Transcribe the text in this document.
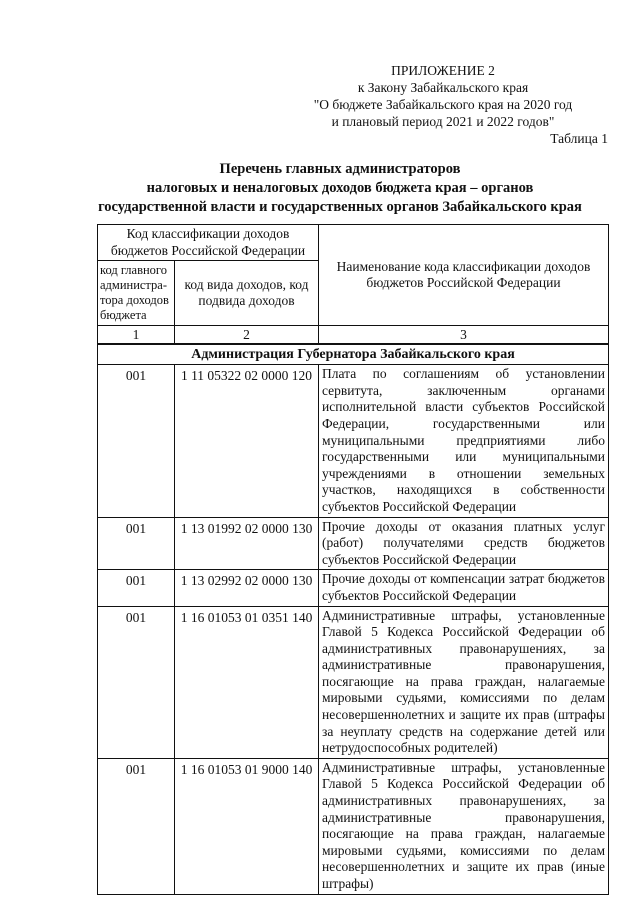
ПРИЛОЖЕНИЕ 2
к Закону Забайкальского края
"О бюджете Забайкальского края на 2020 год
и плановый период 2021 и 2022 годов"
Таблица 1
Перечень главных администраторов
налоговых и неналоговых доходов бюджета края – органов
государственной власти и государственных органов Забайкальского края
Код классификации доходов бюджетов Российской Федерации		Наименование кода классификации доходов бюджетов Российской Федерации
код главного администра-тора доходов бюджета	код вида доходов, код подвида доходов	
1	2	3
Администрация Губернатора Забайкальского края		
001	1 11 05322 02 0000 120	Плата по соглашениям об установлении сервитута, заключенным органами исполнительной власти субъектов Российской Федерации, государственными или муниципальными предприятиями либо государственными или муниципальными учреждениями в отношении земельных участков, находящихся в собственности субъектов Российской Федерации
001	1 13 01992 02 0000 130	Прочие доходы от оказания платных услуг (работ) получателями средств бюджетов субъектов Российской Федерации
001	1 13 02992 02 0000 130	Прочие доходы от компенсации затрат бюджетов субъектов Российской Федерации
001	1 16 01053 01 0351 140	Административные штрафы, установленные Главой 5 Кодекса Российской Федерации об административных правонарушениях, за административные правонарушения, посягающие на права граждан, налагаемые мировыми судьями, комиссиями по делам несовершеннолетних и защите их прав (штрафы за неуплату средств на содержание детей или нетрудоспособных родителей)
001	1 16 01053 01 9000 140	Административные штрафы, установленные Главой 5 Кодекса Российской Федерации об административных правонарушениях, за административные правонарушения, посягающие на права граждан, налагаемые мировыми судьями, комиссиями по делам несовершеннолетних и защите их прав (иные штрафы)
